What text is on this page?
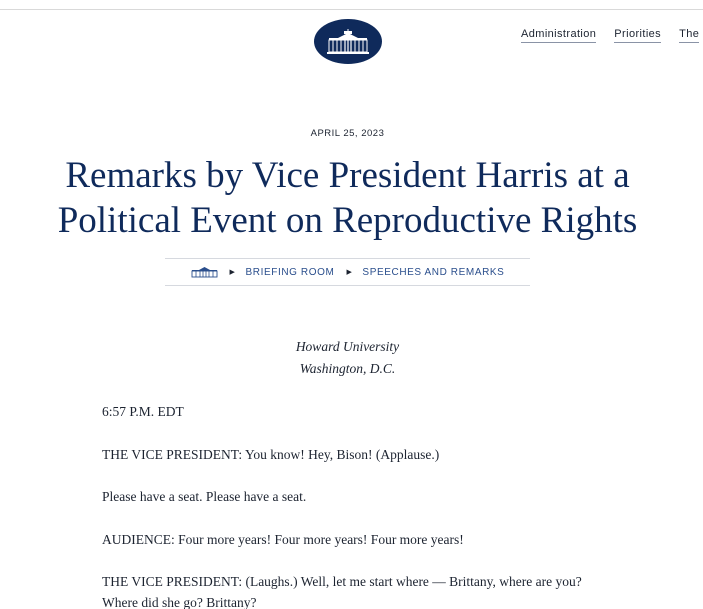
Administration Priorities The
APRIL 25, 2023
Remarks by Vice President Harris at a
Political Event on Reproductive Rights
▶ BRIEFING ROOM ▶ SPEECHES AND REMARKS
Howard University
Washington, D.C.

6:57 P.M. EDT

THE VICE PRESIDENT: You know! Hey, Bison! (Applause.)

Please have a seat. Please have a seat.

AUDIENCE: Four more years! Four more years! Four more years!

THE VICE PRESIDENT: (Laughs.) Well, let me start where — Brittany, where are you? Where did she go? Brittany?
